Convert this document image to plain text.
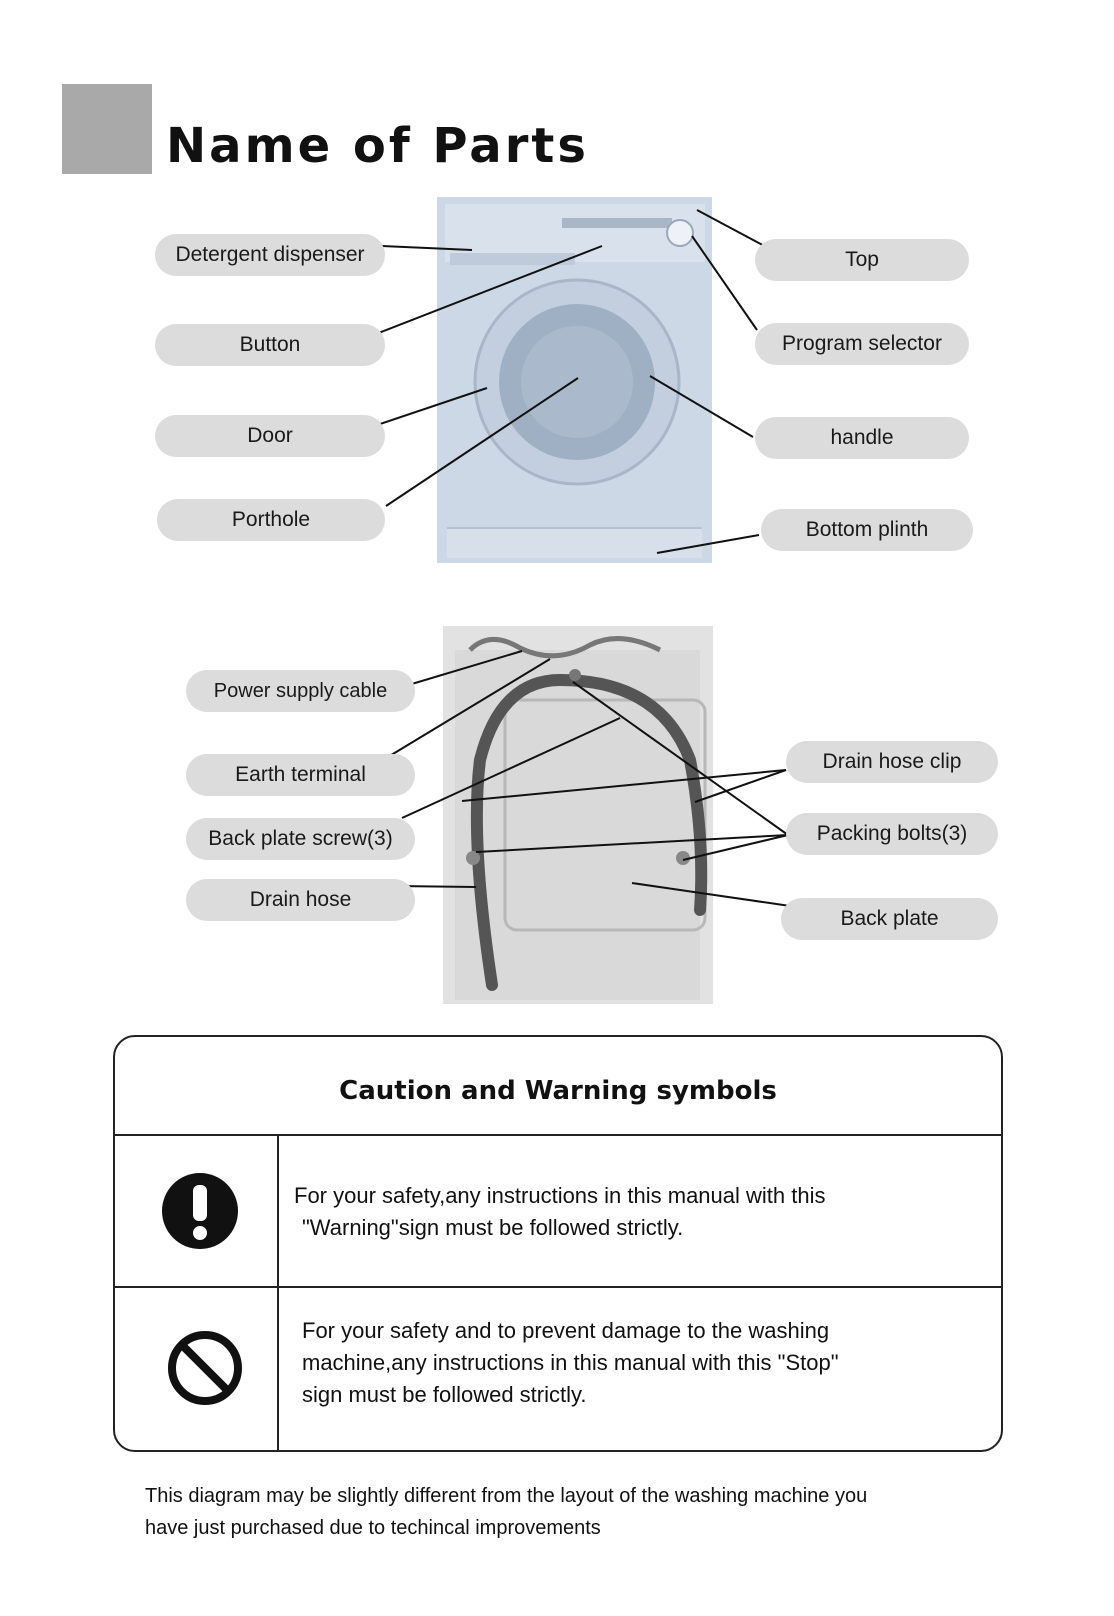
Name of Parts
Detergent dispenser
Button
Door
Porthole
Top
Program selector
handle
Bottom plinth
Power supply cable
Earth terminal
Back plate screw(3)
Drain hose
Drain hose clip
Packing bolts(3)
Back plate
Caution and Warning symbols
For your safety,any instructions in this manual with this
"Warning"sign must be followed strictly.
For your safety and to prevent damage to the washing
machine,any instructions in this manual with this "Stop"
sign must be followed strictly.
This diagram may be slightly different from the layout of the washing machine you
have just purchased due to techincal improvements
